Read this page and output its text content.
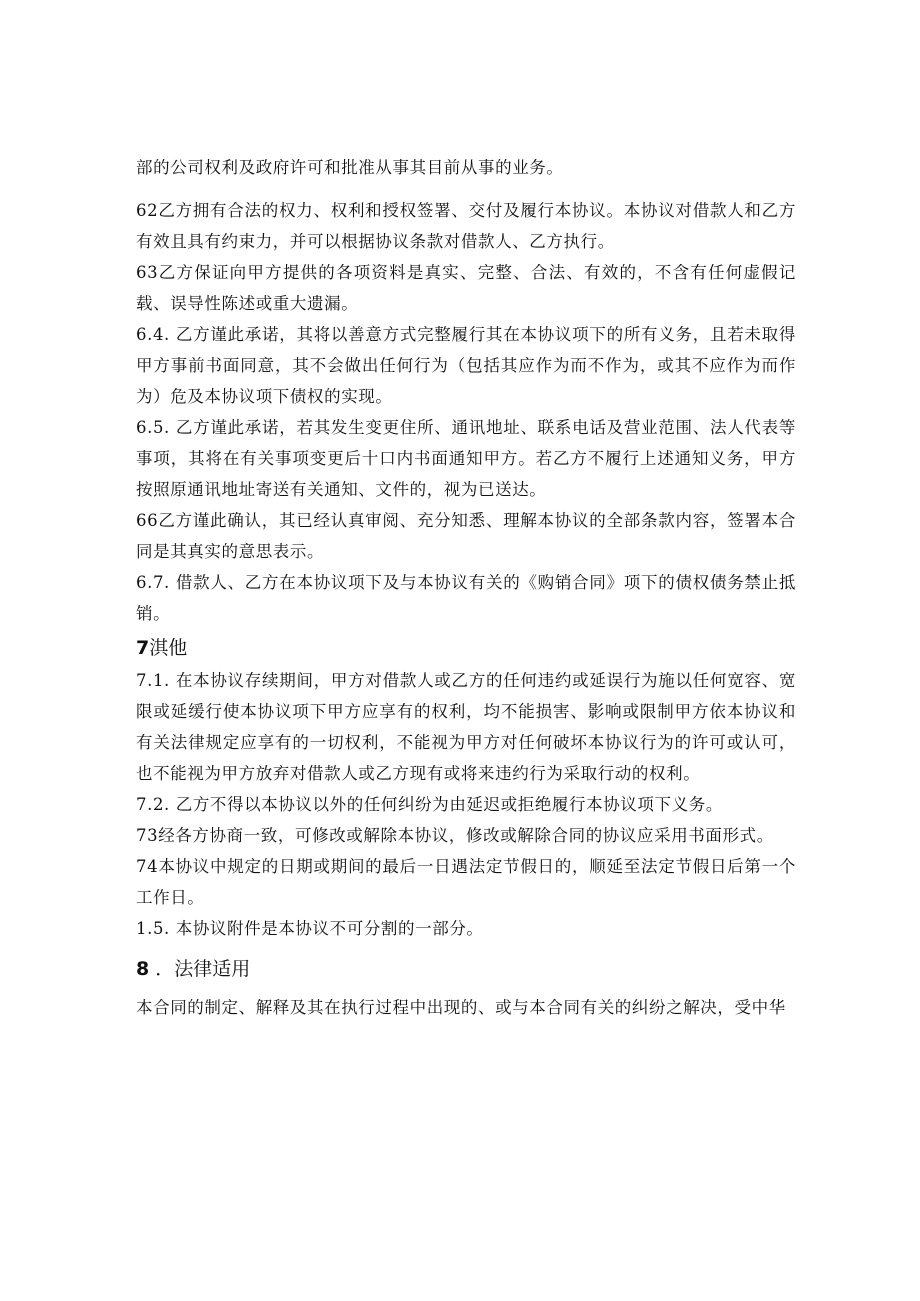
部的公司权利及政府许可和批准从事其目前从事的业务。

62乙方拥有合法的权力、权利和授权签署、交付及履行本协议。本协议对借款人和乙方有效且具有约束力，并可以根据协议条款对借款人、乙方执行。

63乙方保证向甲方提供的各项资料是真实、完整、合法、有效的，不含有任何虚假记载、误导性陈述或重大遗漏。

6.4. 乙方谨此承诺，其将以善意方式完整履行其在本协议项下的所有义务，且若未取得甲方事前书面同意，其不会做出任何行为（包括其应作为而不作为，或其不应作为而作为）危及本协议项下债权的实现。

6.5. 乙方谨此承诺，若其发生变更住所、通讯地址、联系电话及营业范围、法人代表等事项，其将在有关事项变更后十口内书面通知甲方。若乙方不履行上述通知义务，甲方按照原通讯地址寄送有关通知、文件的，视为已送达。

66乙方谨此确认，其已经认真审阅、充分知悉、理解本协议的全部条款内容，签署本合同是其真实的意思表示。

6.7. 借款人、乙方在本协议项下及与本协议有关的《购销合同》项下的债权债务禁止抵销。

7淇他

7.1. 在本协议存续期间，甲方对借款人或乙方的任何违约或延误行为施以任何宽容、宽限或延缓行使本协议项下甲方应享有的权利，均不能损害、影响或限制甲方依本协议和有关法律规定应享有的一切权利，不能视为甲方对任何破坏本协议行为的许可或认可，也不能视为甲方放弃对借款人或乙方现有或将来违约行为采取行动的权利。

7.2. 乙方不得以本协议以外的任何纠纷为由延迟或拒绝履行本协议项下义务。

73经各方协商一致，可修改或解除本协议，修改或解除合同的协议应采用书面形式。

74本协议中规定的日期或期间的最后一日遇法定节假日的，顺延至法定节假日后第一个工作日。

1.5. 本协议附件是本协议不可分割的一部分。

8 ．法律适用

本合同的制定、解释及其在执行过程中出现的、或与本合同有关的纠纷之解决，受中华
